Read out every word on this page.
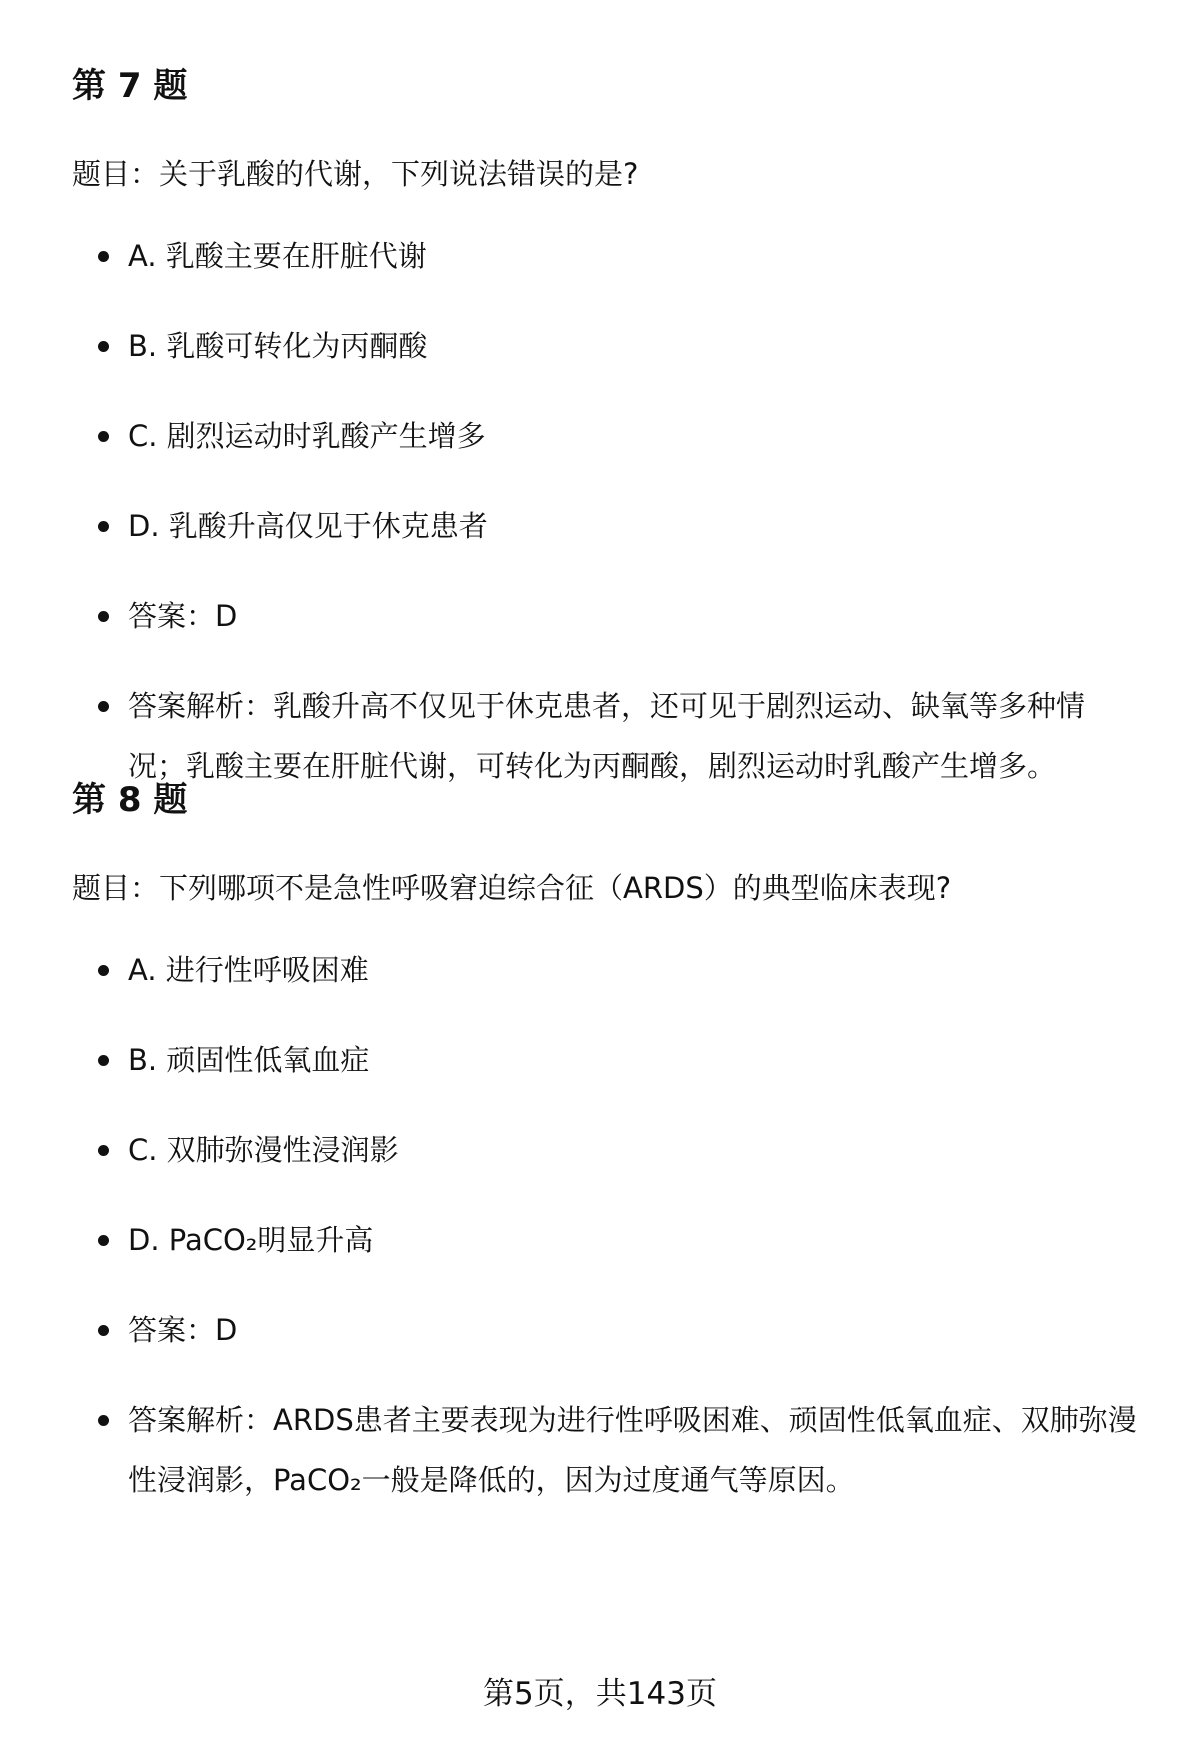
第 7 题

题目：关于乳酸的代谢，下列说法错误的是?

A. 乳酸主要在肝脏代谢
B. 乳酸可转化为丙酮酸
C. 剧烈运动时乳酸产生增多
D. 乳酸升高仅见于休克患者
答案：D
答案解析：乳酸升高不仅见于休克患者，还可见于剧烈运动、缺氧等多种情况；乳酸主要在肝脏代谢，可转化为丙酮酸，剧烈运动时乳酸产生增多。
第 8 题

题目：下列哪项不是急性呼吸窘迫综合征（ARDS）的典型临床表现?

A. 进行性呼吸困难
B. 顽固性低氧血症
C. 双肺弥漫性浸润影
D. PaCO₂明显升高
答案：D
答案解析：ARDS患者主要表现为进行性呼吸困难、顽固性低氧血症、双肺弥漫性浸润影，PaCO₂一般是降低的，因为过度通气等原因。
第5页，共143页
